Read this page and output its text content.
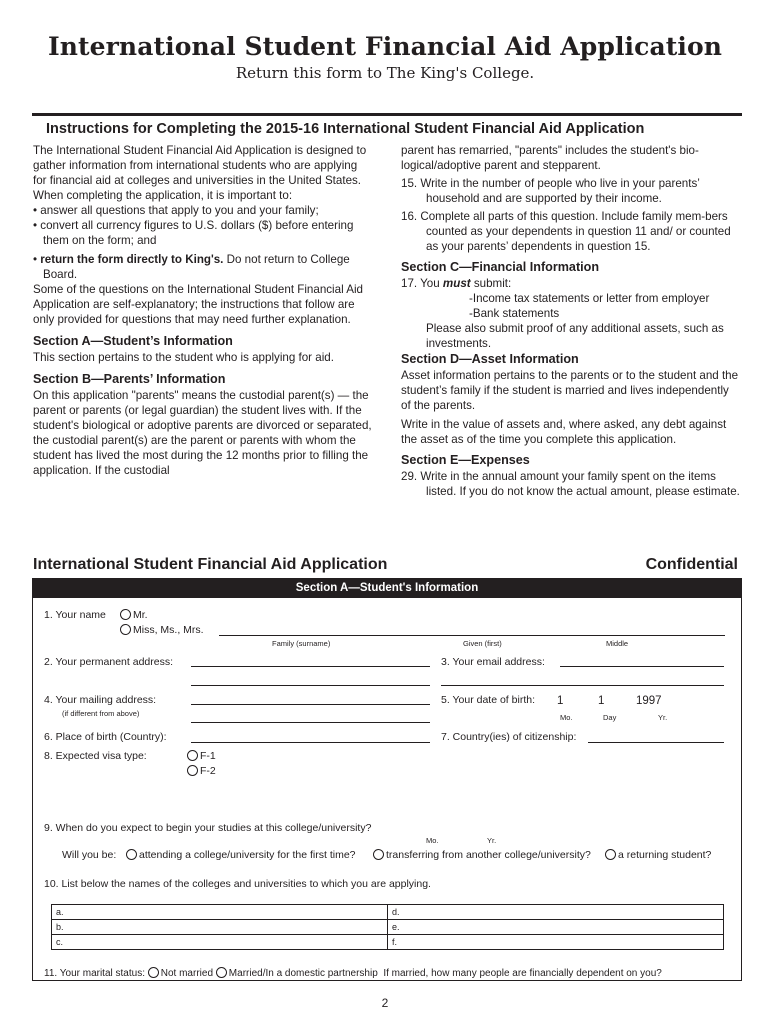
International Student Financial Aid Application
Return this form to The King's College.
Instructions for Completing the 2015-16 International Student Financial Aid Application

The International Student Financial Aid Application is designed to gather information from international students who are applying for financial aid at colleges and universities in the United States. When completing the application, it is important to:

• answer all questions that apply to you and your family;

• convert all currency figures to U.S. dollars ($) before entering them on the form; and

• return the form directly to King's. Do not return to College Board.

Some of the questions on the International Student Financial Aid Application are self-explanatory; the instructions that follow are only provided for questions that may need further explanation.

Section A—Student’s Information

This section pertains to the student who is applying for aid.

Section B—Parents’ Information

On this application "parents" means the custodial parent(s) — the parent or parents (or legal guardian) the student lives with. If the student's biological or adoptive parents are divorced or separated, the custodial parent(s) are the parent or parents with whom the student has lived the most during the 12 months prior to filling the application. If the custodial

parent has remarried, "parents" includes the student's bio-logical/adoptive parent and stepparent.

15. Write in the number of people who live in your parents’ household and are supported by their income.

16. Complete all parts of this question. Include family mem-bers counted as your dependents in question 11 and/ or counted as your parents’ dependents in question 15.

Section C—Financial Information

17. You must submit:

-Income tax statements or letter from employer

-Bank statements

Please also submit proof of any additional assets, such as investments.

Section D—Asset Information

Asset information pertains to the parents or to the student and the student’s family if the student is married and lives independently of the parents.

Write in the value of assets and, where asked, any debt against the asset as of the time you complete this application.

Section E—Expenses

29. Write in the annual amount your family spent on the items listed. If you do not know the actual amount, please estimate.

International Student Financial Aid Application	Confidential
Section A—Student's Information
1. Your name	Mr.
Miss, Ms., Mrs.
Family (surname)	Given (first)	Middle
2. Your permanent address:	3. Your email address:
4. Your mailing address:
(if different from above)
5. Your date of birth: 1	1	1997
Mo.	Day	Yr.
6. Place of birth (Country):	7. Country(ies) of citizenship:
8. Expected visa type:	F-1
F-2
9. When do you expect to begin your studies at this college/university?
Mo.	Yr.
Will you be:	attending a college/university for the first time?	transferring from another college/university?	a returning student?
10. List below the names of the colleges and universities to which you are applying.
a.	d.
b.	e.
c.	f.
11. Your marital status: Not married Married/In a domestic partnership If married, how many people are financially dependent on you?
2
